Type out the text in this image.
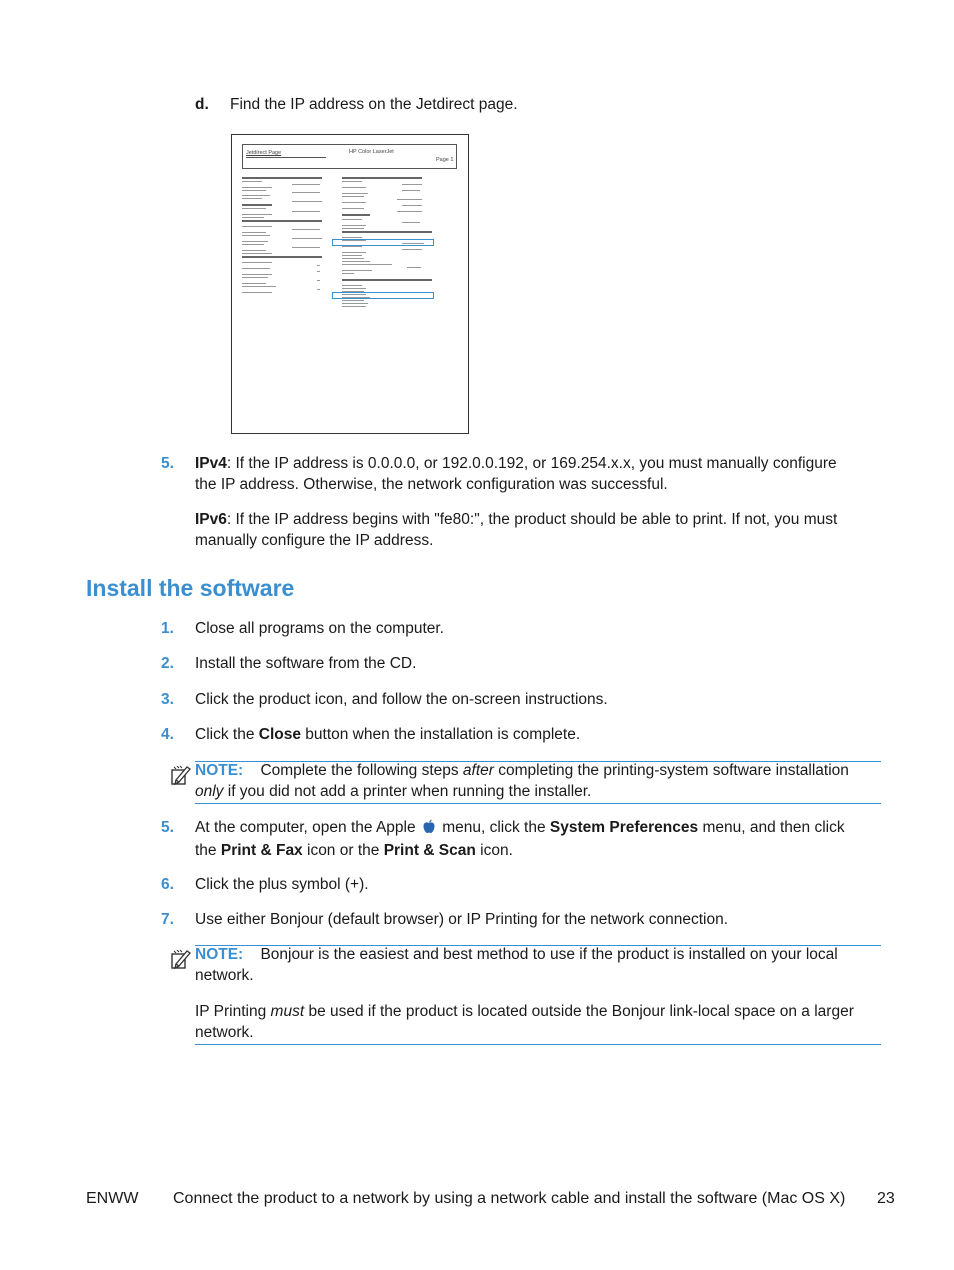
d. Find the IP address on the Jetdirect page.
Jetdirect Page	HP Color LaserJet
Page 1
5. IPv4: If the IP address is 0.0.0.0, or 192.0.0.192, or 169.254.x.x, you must manually configure
the IP address. Otherwise, the network configuration was successful.
IPv6: If the IP address begins with "fe80:", the product should be able to print. If not, you must
manually configure the IP address.
Install the software
1. Close all programs on the computer.
2. Install the software from the CD.
3. Click the product icon, and follow the on-screen instructions.
4. Click the Close button when the installation is complete.
NOTE: Complete the following steps after completing the printing-system software installation
only if you did not add a printer when running the installer.
5. At the computer, open the Apple  menu, click the System Preferences menu, and then click
the Print & Fax icon or the Print & Scan icon.
6. Click the plus symbol (+).
7. Use either Bonjour (default browser) or IP Printing for the network connection.
NOTE: Bonjour is the easiest and best method to use if the product is installed on your local
network.
IP Printing must be used if the product is located outside the Bonjour link-local space on a larger
network.
ENWW Connect the product to a network by using a network cable and install the software (Mac OS X) 23
